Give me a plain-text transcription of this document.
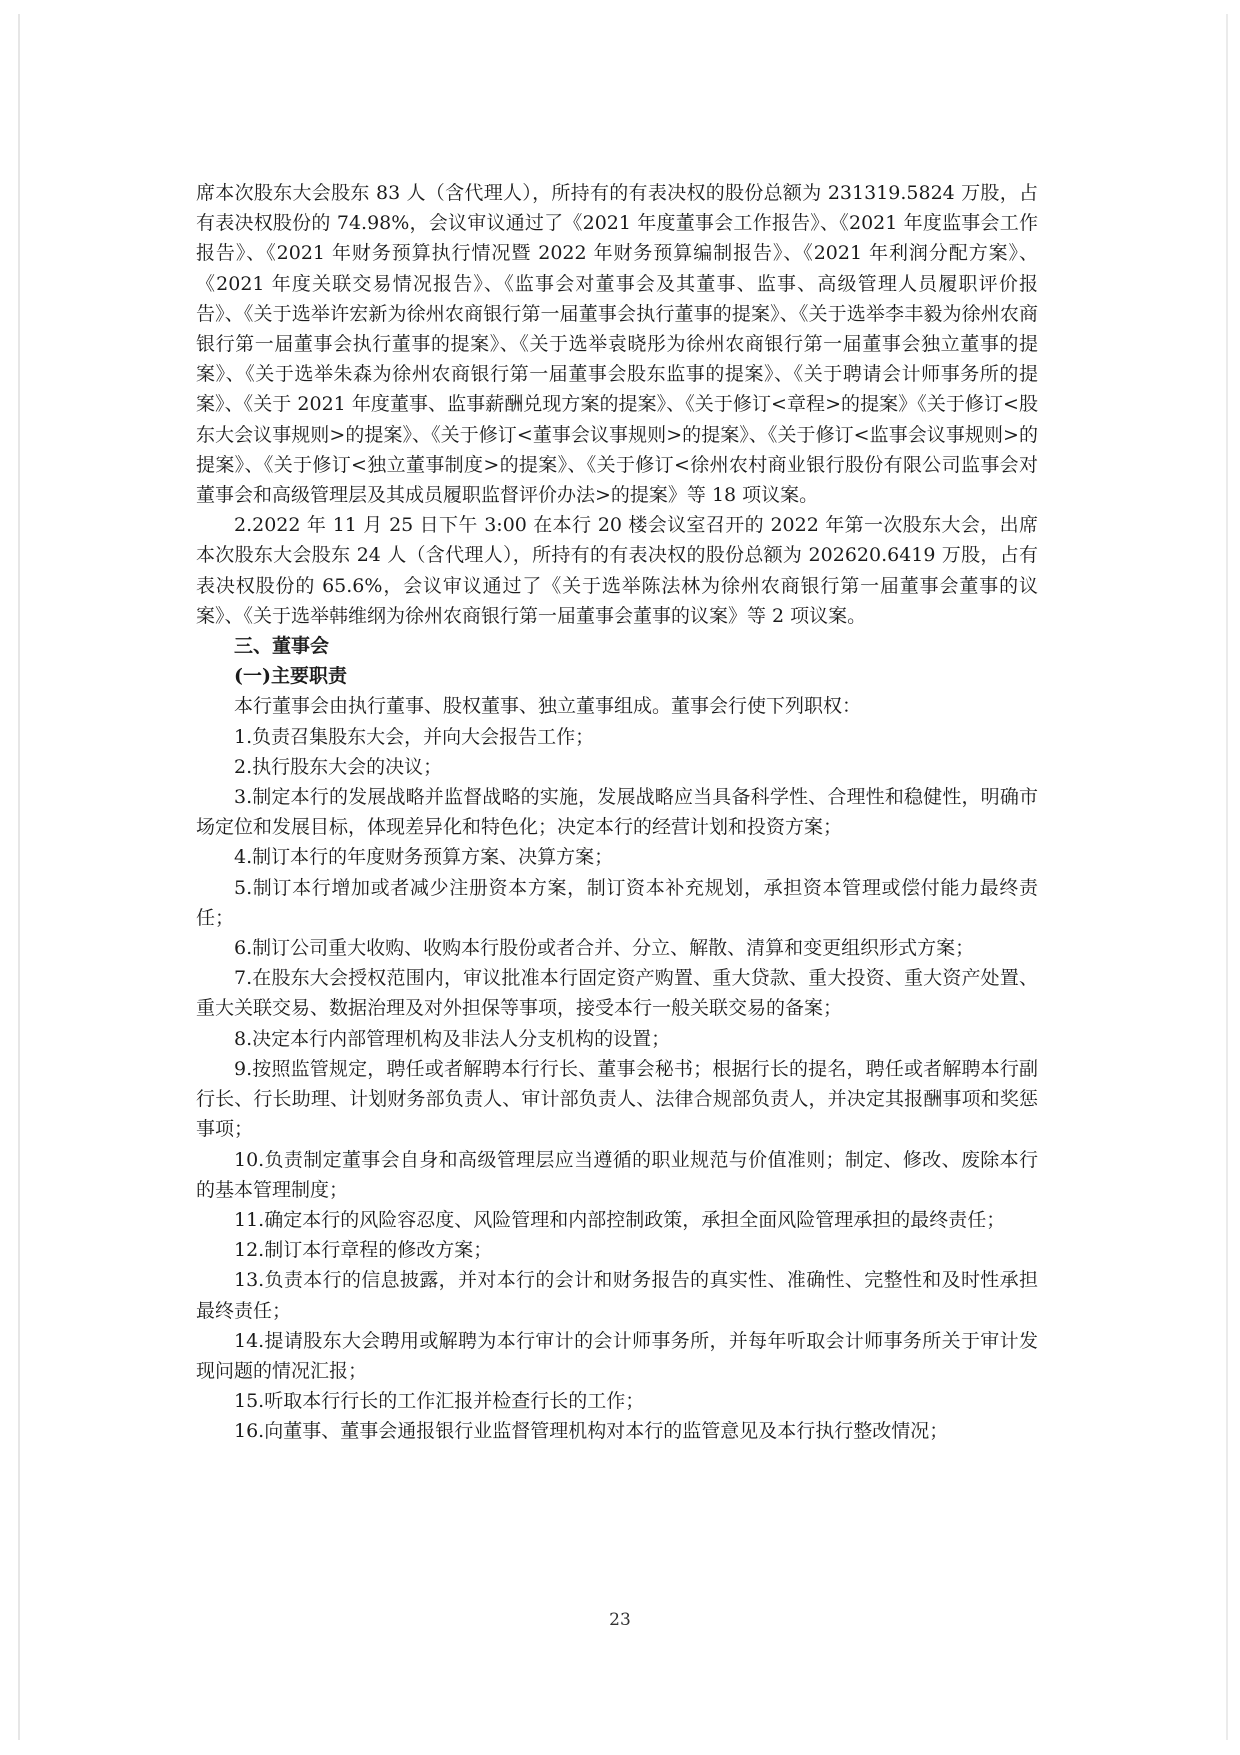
席本次股东大会股东 83 人（含代理人），所持有的有表决权的股份总额为 231319.5824 万股，占有表决权股份的 74.98%，会议审议通过了《2021 年度董事会工作报告》、《2021 年度监事会工作报告》、《2021 年财务预算执行情况暨 2022 年财务预算编制报告》、《2021 年利润分配方案》、《2021 年度关联交易情况报告》、《监事会对董事会及其董事、监事、高级管理人员履职评价报告》、《关于选举许宏新为徐州农商银行第一届董事会执行董事的提案》、《关于选举李丰毅为徐州农商银行第一届董事会执行董事的提案》、《关于选举袁晓彤为徐州农商银行第一届董事会独立董事的提案》、《关于选举朱森为徐州农商银行第一届董事会股东监事的提案》、《关于聘请会计师事务所的提案》、《关于 2021 年度董事、监事薪酬兑现方案的提案》、《关于修订<章程>的提案》《关于修订<股东大会议事规则>的提案》、《关于修订<董事会议事规则>的提案》、《关于修订<监事会议事规则>的提案》、《关于修订<独立董事制度>的提案》、《关于修订<徐州农村商业银行股份有限公司监事会对董事会和高级管理层及其成员履职监督评价办法>的提案》等 18 项议案。

2.2022 年 11 月 25 日下午 3:00 在本行 20 楼会议室召开的 2022 年第一次股东大会，出席本次股东大会股东 24 人（含代理人），所持有的有表决权的股份总额为 202620.6419 万股，占有表决权股份的 65.6%，会议审议通过了《关于选举陈法林为徐州农商银行第一届董事会董事的议案》、《关于选举韩维纲为徐州农商银行第一届董事会董事的议案》等 2 项议案。

三、董事会

(一)主要职责

本行董事会由执行董事、股权董事、独立董事组成。董事会行使下列职权：

1.负责召集股东大会，并向大会报告工作；

2.执行股东大会的决议；

3.制定本行的发展战略并监督战略的实施，发展战略应当具备科学性、合理性和稳健性，明确市场定位和发展目标，体现差异化和特色化；决定本行的经营计划和投资方案；

4.制订本行的年度财务预算方案、决算方案；

5.制订本行增加或者减少注册资本方案，制订资本补充规划，承担资本管理或偿付能力最终责任；

6.制订公司重大收购、收购本行股份或者合并、分立、解散、清算和变更组织形式方案；

7.在股东大会授权范围内，审议批准本行固定资产购置、重大贷款、重大投资、重大资产处置、重大关联交易、数据治理及对外担保等事项，接受本行一般关联交易的备案；

8.决定本行内部管理机构及非法人分支机构的设置；

9.按照监管规定，聘任或者解聘本行行长、董事会秘书；根据行长的提名，聘任或者解聘本行副行长、行长助理、计划财务部负责人、审计部负责人、法律合规部负责人，并决定其报酬事项和奖惩事项；

10.负责制定董事会自身和高级管理层应当遵循的职业规范与价值准则；制定、修改、废除本行的基本管理制度；

11.确定本行的风险容忍度、风险管理和内部控制政策，承担全面风险管理承担的最终责任；

12.制订本行章程的修改方案；

13.负责本行的信息披露，并对本行的会计和财务报告的真实性、准确性、完整性和及时性承担最终责任；

14.提请股东大会聘用或解聘为本行审计的会计师事务所，并每年听取会计师事务所关于审计发现问题的情况汇报；

15.听取本行行长的工作汇报并检查行长的工作；

16.向董事、董事会通报银行业监督管理机构对本行的监管意见及本行执行整改情况；

23
